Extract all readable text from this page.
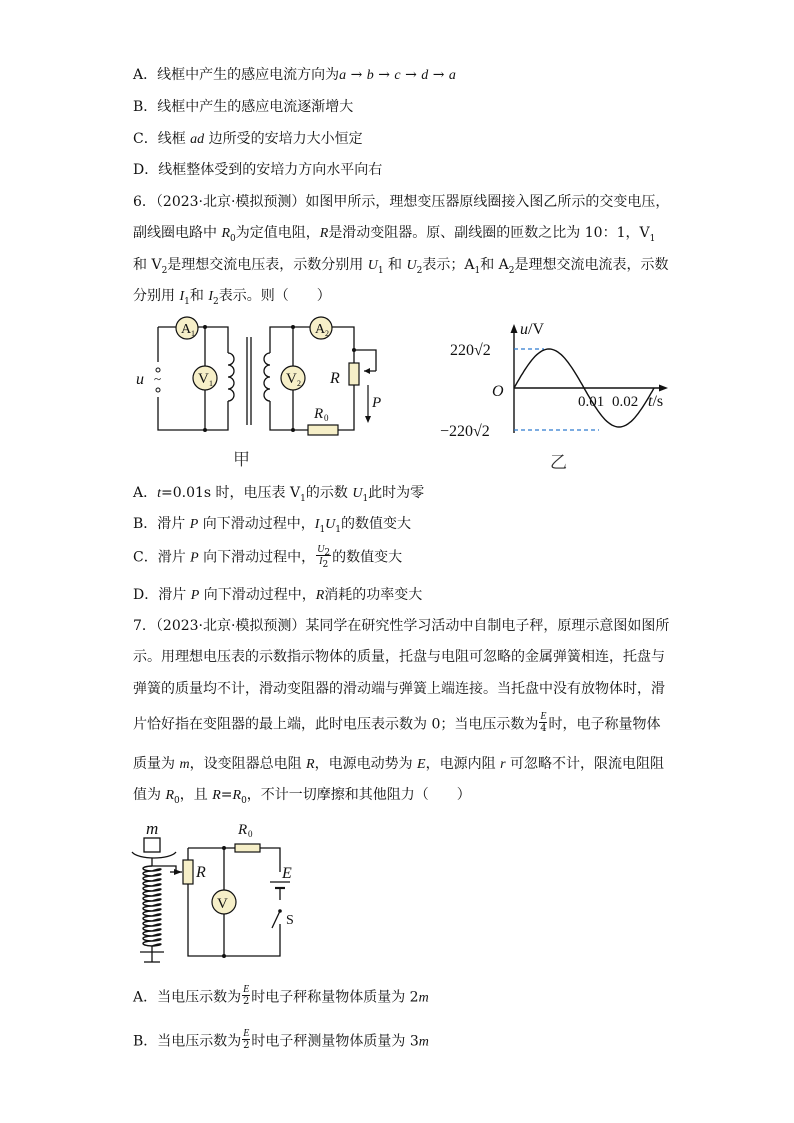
A．线框中产生的感应电流方向为a → b → c → d → a
B．线框中产生的感应电流逐渐增大
C．线框 ad 边所受的安培力大小恒定
D．线框整体受到的安培力方向水平向右
6．（2023·北京·模拟预测）如图甲所示，理想变压器原线圈接入图乙所示的交变电压，
副线圈电路中 $R_0$为定值电阻，R是滑动变阻器。原、副线圈的匝数之比为 10：1，$V_1$
和 $V_2$是理想交流电压表，示数分别用 $U_1$ 和 $U_2$表示；$A_1$和 $A_2$是理想交流电流表，示数
分别用 $I_1$和 $I_2$表示。则（　　）
~
u
A 1
V 1
A 2
V 2 R
P
R 0
甲
u/V
220√2
−220√2
O
0.01 0.02 t/s
乙
A．t=0.01s 时，电压表 $V_1$的示数 $U_1$此时为零
B．滑片 P 向下滑动过程中，$I_1U_1$的数值变大
C．滑片 P 向下滑动过程中， $\frac{U_2}{I_2}$ 的数值变大
D．滑片 P 向下滑动过程中，R消耗的功率变大
7．（2023·北京·模拟预测）某同学在研究性学习活动中自制电子秤，原理示意图如图所
示。用理想电压表的示数指示物体的质量，托盘与电阻可忽略的金属弹簧相连，托盘与
弹簧的质量均不计，滑动变阻器的滑动端与弹簧上端连接。当托盘中没有放物体时，滑
片恰好指在变阻器的最上端，此时电压表示数为 0；当电压示数为 $\frac{E}{4}$ 时，电子称量物体
质量为 m，设变阻器总电阻 R，电源电动势为 E，电源内阻 r 可忽略不计，限流电阻阻
值为 $R_0$，且 $R=R_0$，不计一切摩擦和其他阻力（　　）
m
R
R 0
E
S
V
A．当电压示数为 $\frac{E}{2}$ 时电子秤称量物体质量为 2m
B．当电压示数为 $\frac{E}{2}$ 时电子秤测量物体质量为 3m
